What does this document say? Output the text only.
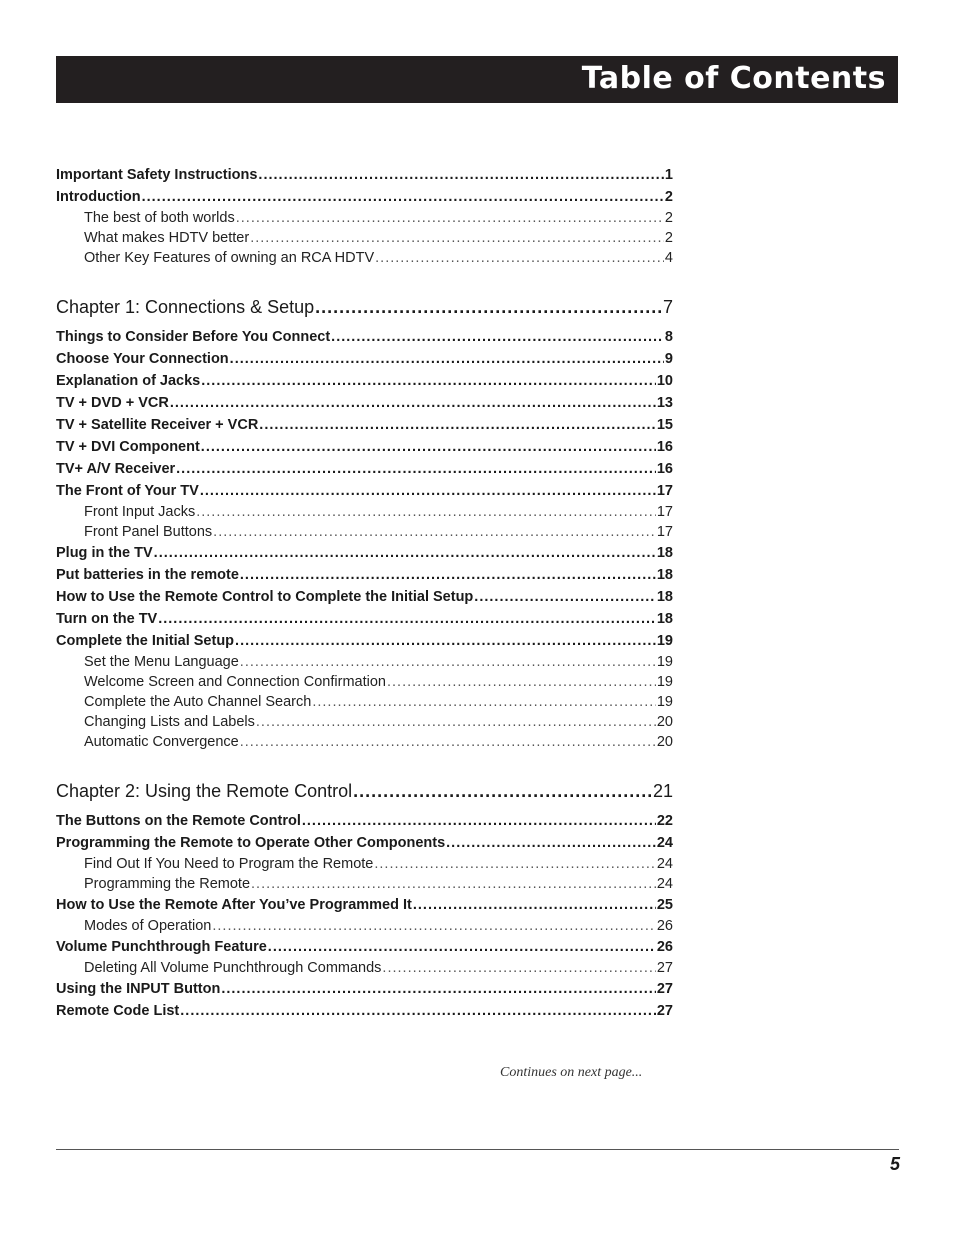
Table of Contents
Important Safety Instructions .....	1
Introduction .....	2
The best of both worlds .....	2
What makes HDTV better .....	2
Other Key Features of owning an RCA HDTV .....	4
Chapter 1: Connections & Setup .....	7
Things to Consider Before You Connect .....	8
Choose Your Connection .....	9
Explanation of Jacks .....	10
TV + DVD + VCR .....	13
TV + Satellite Receiver + VCR .....	15
TV + DVI Component .....	16
TV+ A/V Receiver .....	16
The Front of Your TV .....	17
Front Input Jacks .....	17
Front Panel Buttons .....	17
Plug in the TV .....	18
Put batteries in the remote .....	18
How to Use the Remote Control to Complete the Initial Setup .....	18
Turn on the TV .....	18
Complete the Initial Setup .....	19
Set the Menu Language .....	19
Welcome Screen and Connection Confirmation .....	19
Complete the Auto Channel Search .....	19
Changing Lists and Labels .....	20
Automatic Convergence .....	20
Chapter 2: Using the Remote Control .....	21
The Buttons on the Remote Control .....	22
Programming the Remote to Operate Other Components .....	24
Find Out If You Need to Program the Remote .....	24
Programming the Remote .....	24
How to Use the Remote After You’ve Programmed It .....	25
Modes of Operation .....	26
Volume Punchthrough Feature .....	26
Deleting All Volume Punchthrough Commands .....	27
Using the INPUT Button .....	27
Remote Code List .....	27
Continues on next page...
5
